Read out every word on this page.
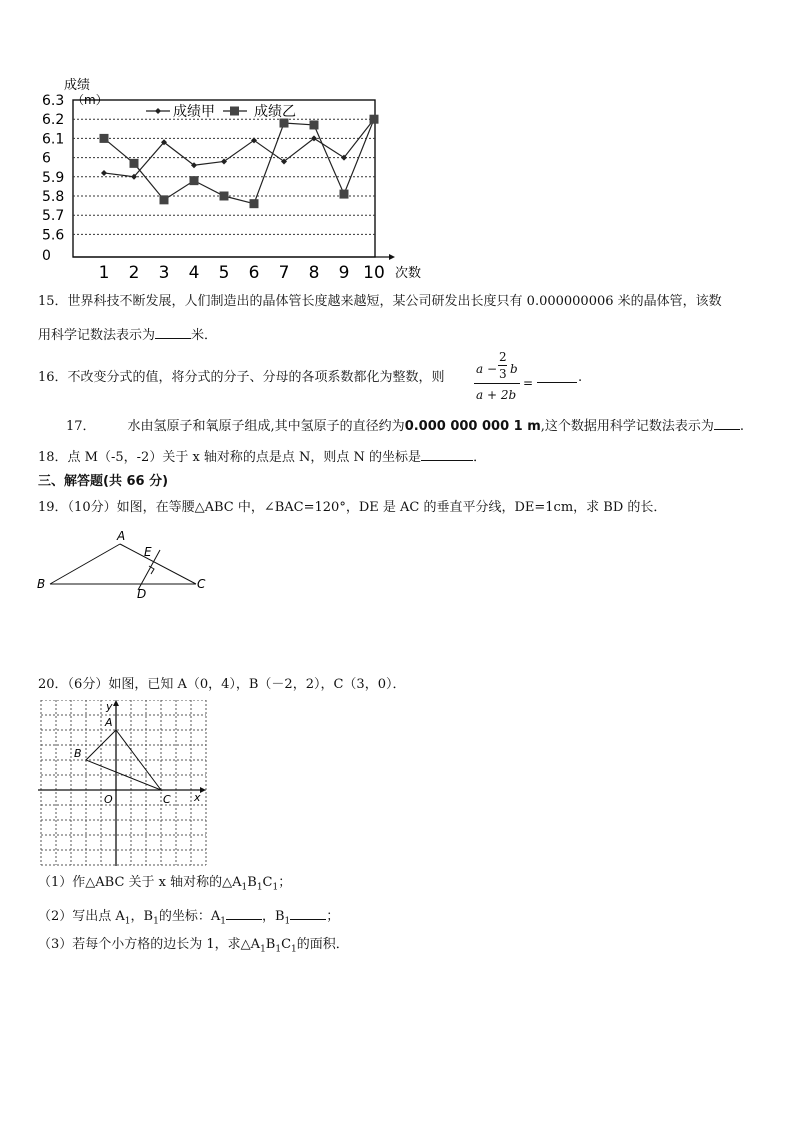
6.3
6.2
6.1
6
5.9
5.8
5.7
5.6
0
成绩
（m）
1 2 3 4 5 6 7 8 9 10 次数
成绩甲	成绩乙
15．世界科技不断发展，人们制造出的晶体管长度越来越短，某公司研发出长度只有 0.000000006 米的晶体管，该数
用科学记数法表示为	米．
16．不改变分式的值，将分式的分子、分母的各项系数都化为整数，则
a −
2
3 b
a + 2b
=	.
17． 水由氢原子和氧原子组成,其中氢原子的直径约为0.000 000 000 1 m,这个数据用科学记数法表示为 .
18．点 M（-5，-2）关于 x 轴对称的点是点 N，则点 N 的坐标是	．
三、解答题(共 66 分)
19．（10分）如图，在等腰△ABC 中，∠BAC=120°，DE 是 AC 的垂直平分线，DE=1cm，求 BD 的长．
A
B	C
D
E
20．（6分）如图，已知 A（0，4），B（－2，2），C（3，0）．
y
A
B
O	C x
（1）作△ABC 关于 x 轴对称的$\triangle A_1B_1C_1$；
（2）写出点 $A_1$，$B_1$的坐标：$A_1$	，$B_1$	；
（3）若每个小方格的边长为 1，求$\triangle A_1B_1C_1$的面积．
